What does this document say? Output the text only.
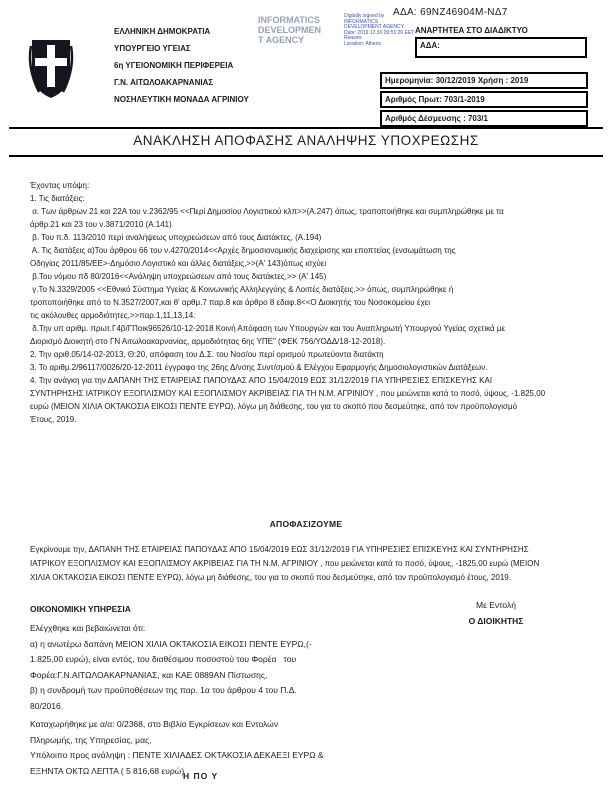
ΑΔΑ: 69NZ46904M-ΝΔ7
ΕΛΛΗΝΙΚΗ ΔΗΜΟΚΡΑΤΙΑ
ΥΠΟΥΡΓΕΙΟ ΥΓΕΙΑΣ
6η ΥΓΕΙΟΝΟΜΙΚΗ ΠΕΡΙΦΕΡΕΙΑ
Γ.Ν. ΑΙΤΩΛΟΑΚΑΡΝΑΝΙΑΣ
ΝΟΣΗΛΕΥΤΙΚΗ ΜΟΝΑΔΑ ΑΓΡΙΝΙΟΥ
INFORMATICS
DEVELOPMEN
T AGENCY
Digitally signed by
INFORMATICS
DEVELOPMENT AGENCY
Date: 2019.12.30 09:51:26 EET
Reason:
Location: Athens
ΑΝΑΡΤΗΤΕΑ ΣΤΟ ΔΙΑΔΙΚΤΥΟ
ΑΔΑ:
Ημερομηνία: 30/12/2019 Χρήση : 2019
Αριθμός Πρωτ: 703/1-2019
Αριθμός Δέσμευσης : 703/1
ΑΝΑΚΛΗΣΗ ΑΠΟΦΑΣΗΣ ΑΝΑΛΗΨΗΣ ΥΠΟΧΡΕΩΣΗΣ
Έχοντας υπόψη:
1. Τις διατάξεις:
α. Των άρθρων 21 και 22Α του ν.2362/95 <<Περί Δημοσίου Λογιστικού κλπ>>(Α.247) όπως, τροποποιήθηκε και συμπληρώθηκε με τα
άρθρ.21 και 23 του ν.3871/2010 (Α.141)
β. Του π.δ. 113/2010 περί αναλήψεως υποχρεώσεων από τους Διατάκτες, (Α.194)
Α. Τις διατάξεις α)Του άρθρου 66 του ν.4270/2014<<Αρχές δημοσιονομικής διαχείρισης και εποπτείας (ενσωμάτωση της
Οδηγίας 2011/85/ΕΕ>-Δημόσιο Λογιστικό και άλλες διατάξεις,>>(Α' 143)όπως ισχύει
β.Του νόμου πδ 80/2016<<Ανάληψη υποχρεώσεων από τους διατάκτες,>> (Α' 145)
γ.Το Ν.3329/2005 <<Εθνικό Σύστημα Υγείας & Κοινωνικής Αλληλεγγύης & Λοιπές διατάξεις.>> όπως, συμπληρώθηκε ή
τροποποιήθηκε από το Ν.3527/2007,και θ' αρθμ.7 παρ.8 και άρθρο 8 εδαφ.8<<Ο Διοικητής του Νοσοκομείου έχει
τις ακόλουθες αρμοδιότητες,>>παρ.1,11,13,14.
δ.Την υπ αριθμ. πρωτ.Γ4β/ΓΠοικ96526/10-12-2018 Κοινή Απόφαση των Υπουργών και του Αναπληρωτή Υπουργού Υγείας σχετικά με
Διορισμό Διοικητή στο ΓΝ Αιτωλοακαρνανίας, αρμοδιότητας 6ης ΥΠΕ" (ΦΕΚ 756/ΥΟΔΔ/18-12-2018).
2. Την αριθ.05/14-02-2013, Θ:20, απόφαση του Δ.Σ. του Νοσ/ου περί ορισμού πρωτεύοντα διατάκτη
3. Το αριθμ.2/96117/0026/20-12-2011 έγγραφο της 26ης Δ/νσης Συντ/σμού & Ελέγχου Εφαρμογής Δημοσιολογιστικών Διατάξεων.
4. Την ανάγκη για την ΔΑΠΑΝΗ ΤΗΣ ΕΤΑΙΡΕΙΑΣ ΠΑΠΟΥΔΑΣ ΑΠΟ 15/04/2019 ΕΩΣ 31/12/2019 ΓΙΑ ΥΠΗΡΕΣΙΕΣ ΕΠΙΣΚΕΥΗΣ ΚΑΙ
ΣΥΝΤΗΡΗΣΗΣ ΙΑΤΡΙΚΟΥ ΕΞΟΠΛΙΣΜΟΥ ΚΑΙ ΕΞΟΠΛΙΣΜΟΥ ΑΚΡΙΒΕΙΑΣ ΓΙΑ ΤΗ Ν.Μ. ΑΓΡΙΝΙΟΥ , που μειώνεται κατά το ποσό, ύψους, -1.825,00
ευρώ (ΜΕΙΟΝ ΧΙΛΙΑ ΟΚΤΑΚΟΣΙΑ ΕΙΚΟΣΙ ΠΕΝΤΕ ΕΥΡΩ), λόγω μη διάθεσης, του για το σκοπό που δεσμεύτηκε, από τον προϋπολογισμό
Έτους, 2019.
ΑΠΟΦΑΣΙΖΟΥΜΕ
Εγκρίνουμε την, ΔΑΠΑΝΗ ΤΗΣ ΕΤΑΙΡΕΙΑΣ ΠΑΠΟΥΔΑΣ ΑΠΟ 15/04/2019 ΕΩΣ 31/12/2019 ΓΙΑ ΥΠΗΡΕΣΙΕΣ ΕΠΙΣΚΕΥΗΣ ΚΑΙ ΣΥΝΤΗΡΗΣΗΣ
ΙΑΤΡΙΚΟΥ ΕΞΟΠΛΙΣΜΟΥ ΚΑΙ ΕΞΟΠΛΙΣΜΟΥ ΑΚΡΙΒΕΙΑΣ ΓΙΑ ΤΗ Ν.Μ. ΑΓΡΙΝΙΟΥ , που μειώνεται κατά το ποσό, ύψους, -1825,00 ευρώ (ΜΕΙΟΝ
ΧΙΛΙΑ ΟΚΤΑΚΟΣΙΑ ΕΙΚΟΣΙ ΠΕΝΤΕ ΕΥΡΩ), λόγω μη διάθεσης, του για το σκοπό που δεσμεύτηκε, από τον προϋπολογισμό έτους, 2019.
ΟΙΚΟΝΟΜΙΚΗ ΥΠΗΡΕΣΙΑ	Με Εντολή
Ο ΔΙΟΙΚΗΤΗΣ
Ελέγχθηκε και βεβαιώνεται ότι:
α) η ανωτέρω δαπάνη ΜΕΙΟΝ ΧΙΛΙΑ ΟΚΤΑΚΟΣΙΑ ΕΙΚΟΣΙ ΠΕΝΤΕ ΕΥΡΩ,(-
1.825,00 ευρώ), είναι εντός, του διαθέσιμου ποσοστού του Φορέα   του
Φορέα:Γ.Ν.ΑΙΤΩΛΟΑΚΑΡΝΑΝΙΑΣ, και ΚΑΕ 0889ΑΝ Πίστωσης,
β) η συνδρομή των προϋποθέσεων της παρ. 1α του άρθρου 4 του Π.Δ.
80/2016.
Καταχωρήθηκε με α/α: 0/2368, στο Βιβλίο Εγκρίσεων και Εντολών
Πληρωμής, της Υπηρεσίας, μας,
Υπόλοιπο προς ανάληψη : ΠΕΝΤΕ ΧΙΛΙΑΔΕΣ ΟΚΤΑΚΟΣΙΑ ΔΕΚΑΕΞΙ ΕΥΡΩ &
ΕΞΗΝΤΑ ΟΚΤΩ ΛΕΠΤΑ ( 5 816,68 ευρώ)
Η ΠΟ Υ
